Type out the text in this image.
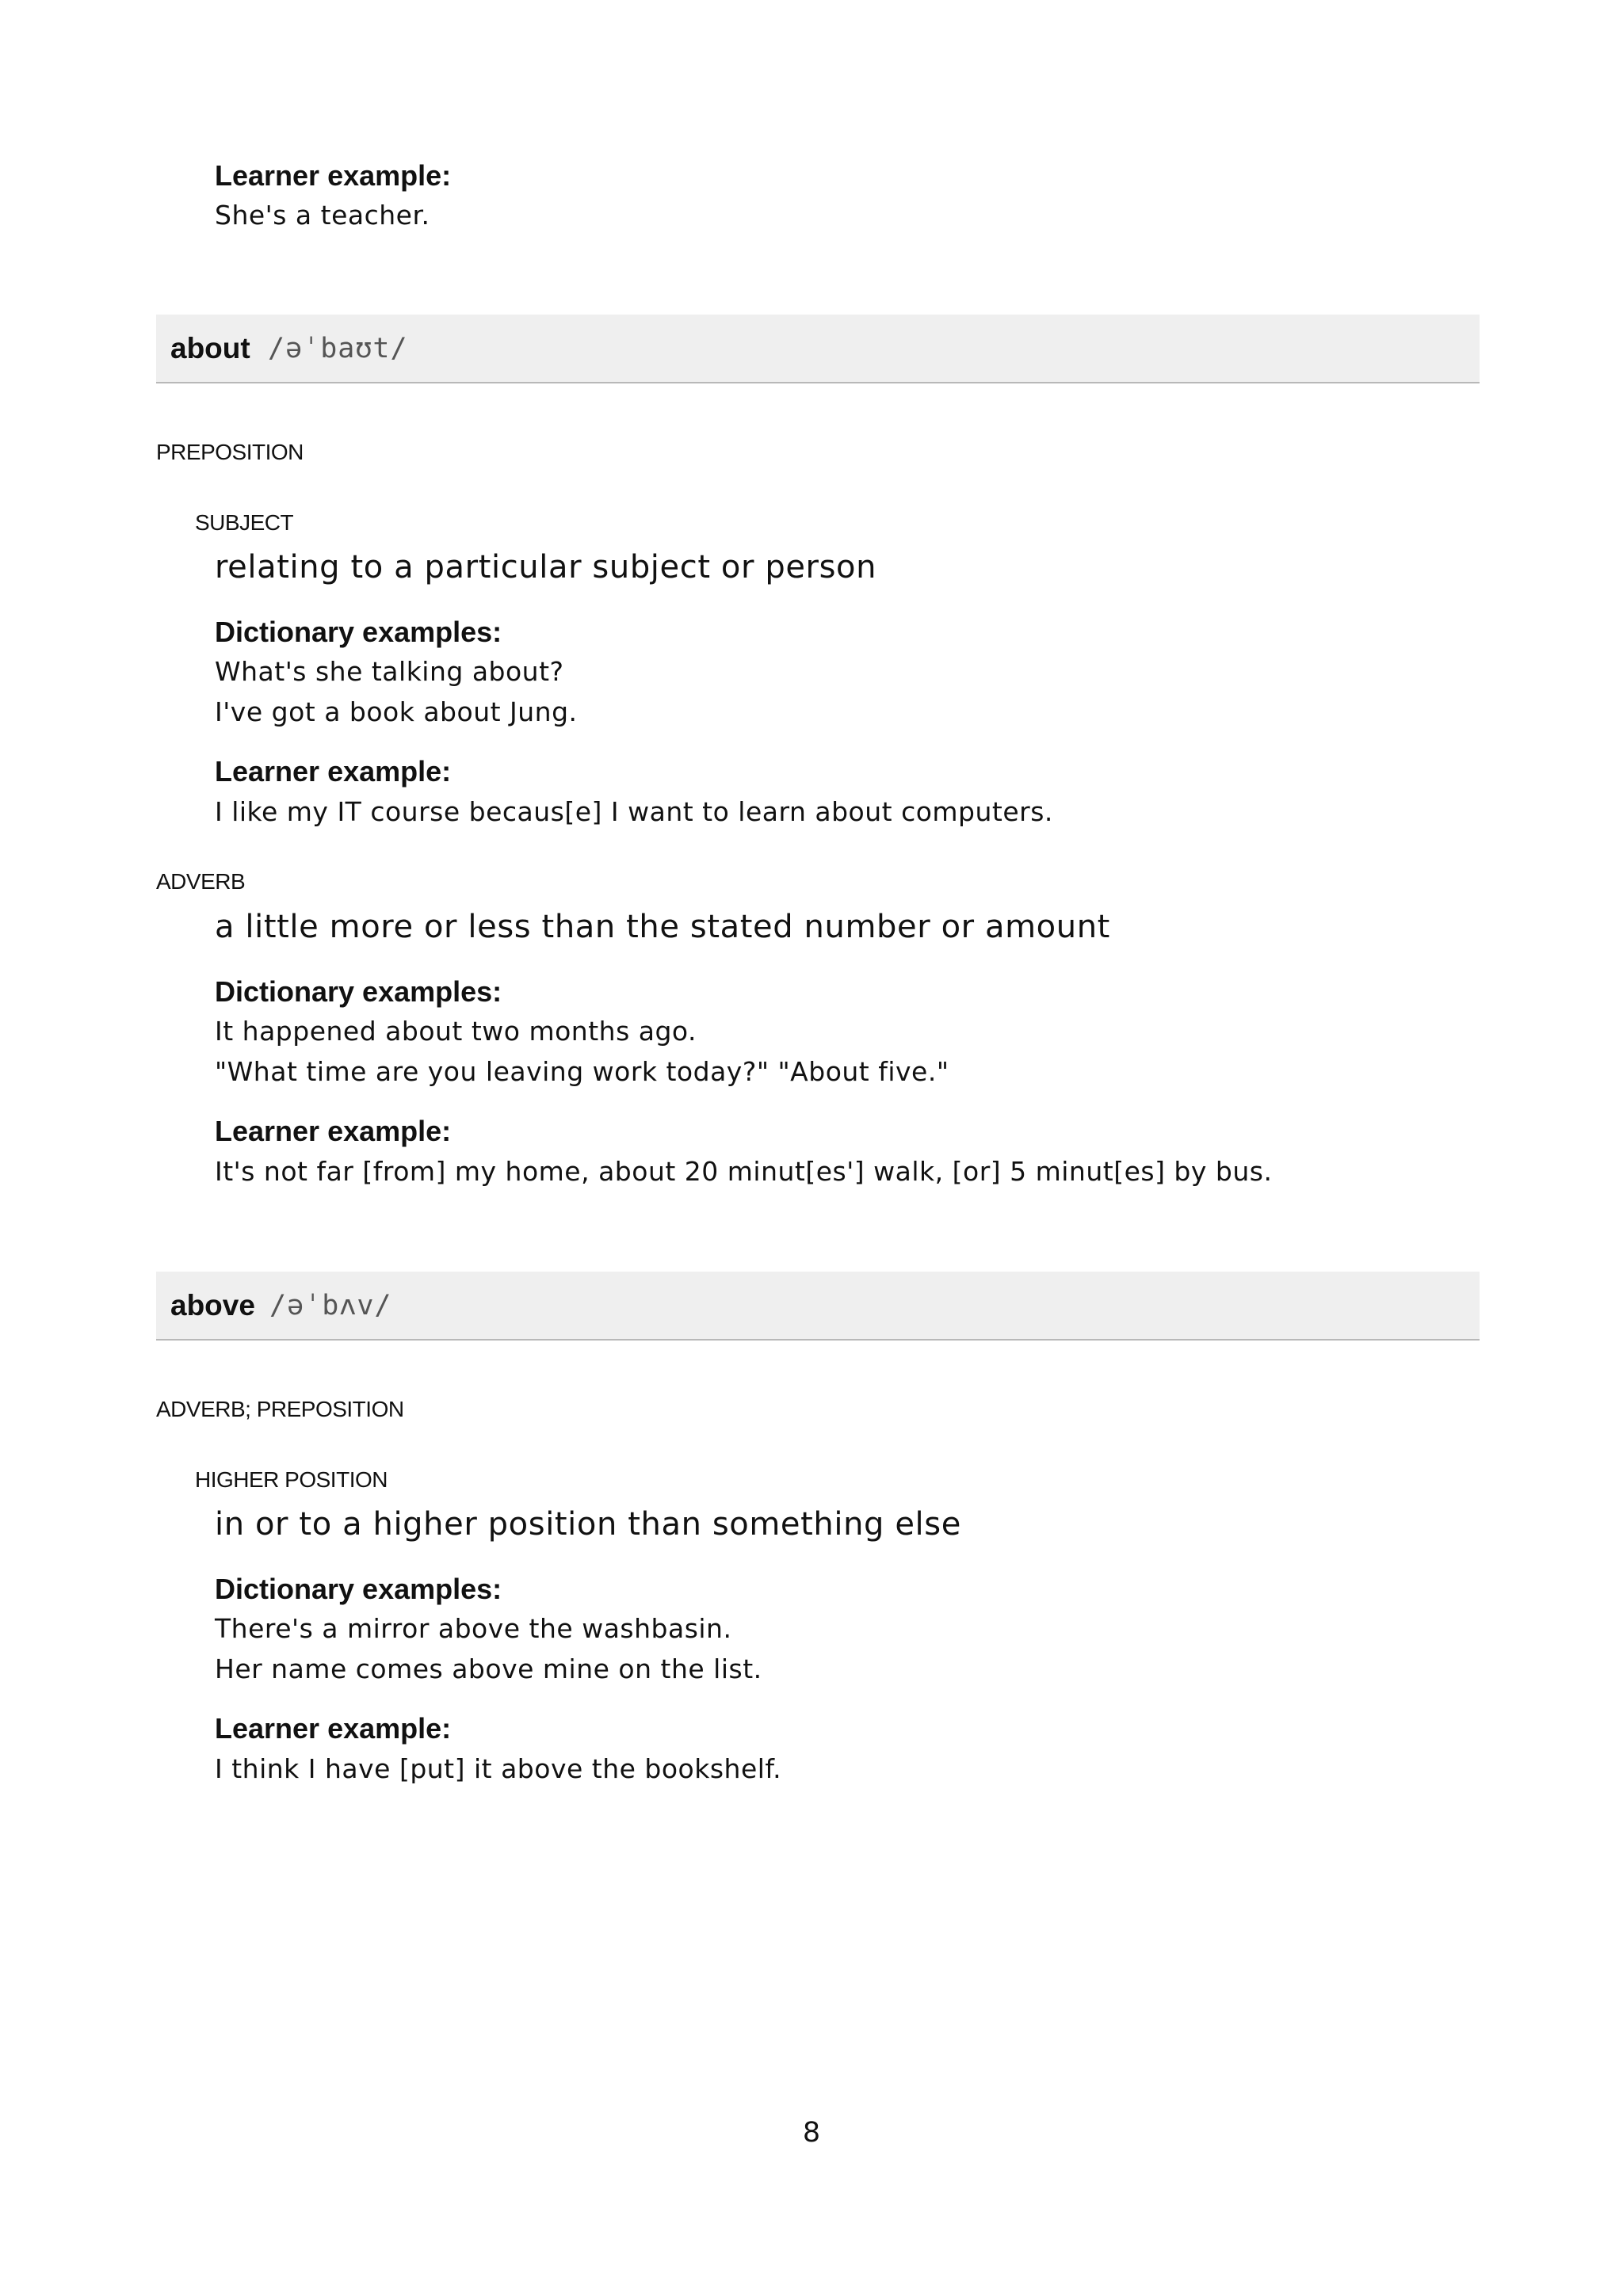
Learner example:

She's a teacher.

about /əˈbaʊt/

PREPOSITION

SUBJECT

relating to a particular subject or person

Dictionary examples:

What's she talking about?

I've got a book about Jung.

Learner example:

I like my IT course becaus[e] I want to learn about computers.

ADVERB

a little more or less than the stated number or amount

Dictionary examples:

It happened about two months ago.

"What time are you leaving work today?" "About five."

Learner example:

It's not far [from] my home, about 20 minut[es'] walk, [or] 5 minut[es] by bus.

above /əˈbʌv/

ADVERB; PREPOSITION

HIGHER POSITION

in or to a higher position than something else

Dictionary examples:

There's a mirror above the washbasin.

Her name comes above mine on the list.

Learner example:

I think I have [put] it above the bookshelf.

8
